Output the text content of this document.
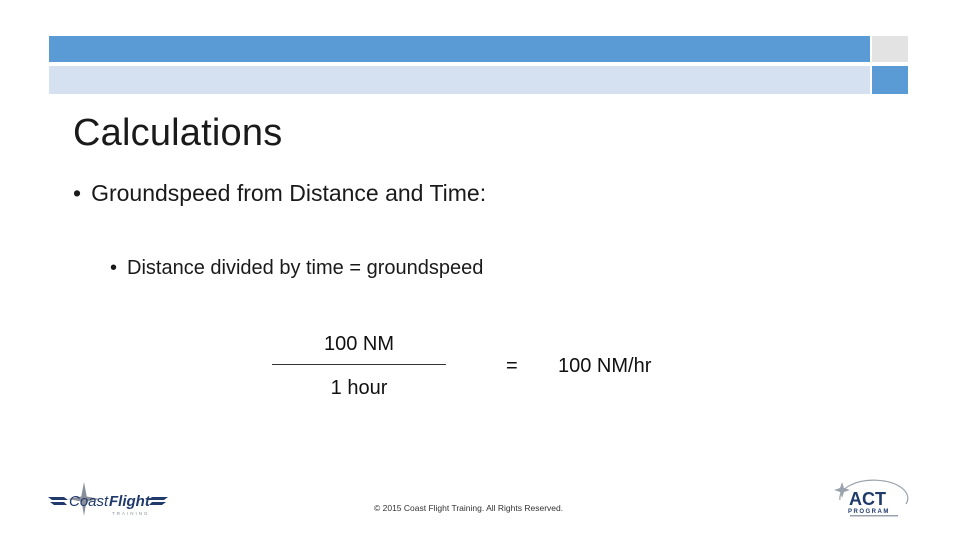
Calculations
• Groundspeed from Distance and Time:
• Distance divided by time = groundspeed
100 NM
1 hour
= 100 NM/hr
© 2015 Coast Flight Training. All Rights Reserved.
Coast Flight
TRAINING
ACT
PROGRAM
